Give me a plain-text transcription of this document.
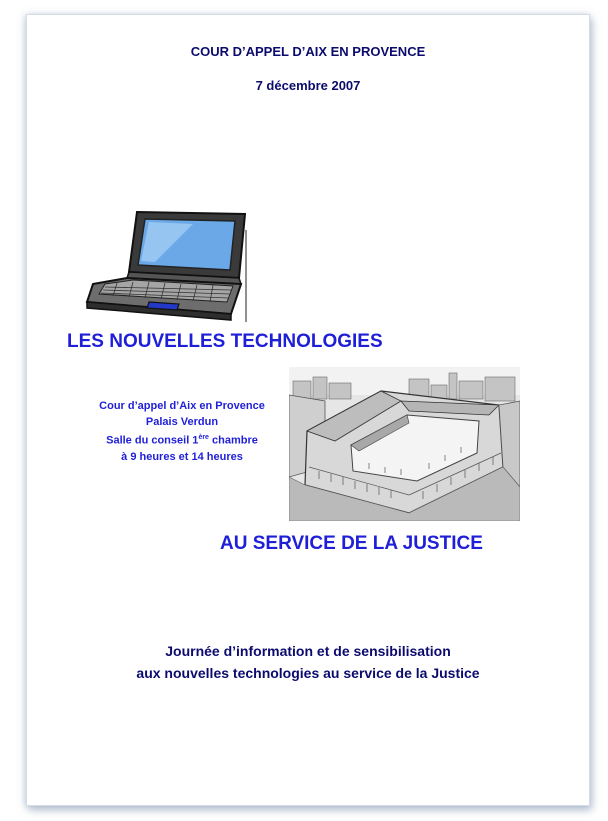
COUR D’APPEL D’AIX EN PROVENCE
7 décembre 2007
LES NOUVELLES TECHNOLOGIES
Cour d’appel d’Aix en Provence
Palais Verdun
Salle du conseil 1ère chambre
à 9 heures et 14 heures
AU SERVICE DE LA JUSTICE
Journée d’information et de sensibilisation
aux nouvelles technologies au service de la Justice
